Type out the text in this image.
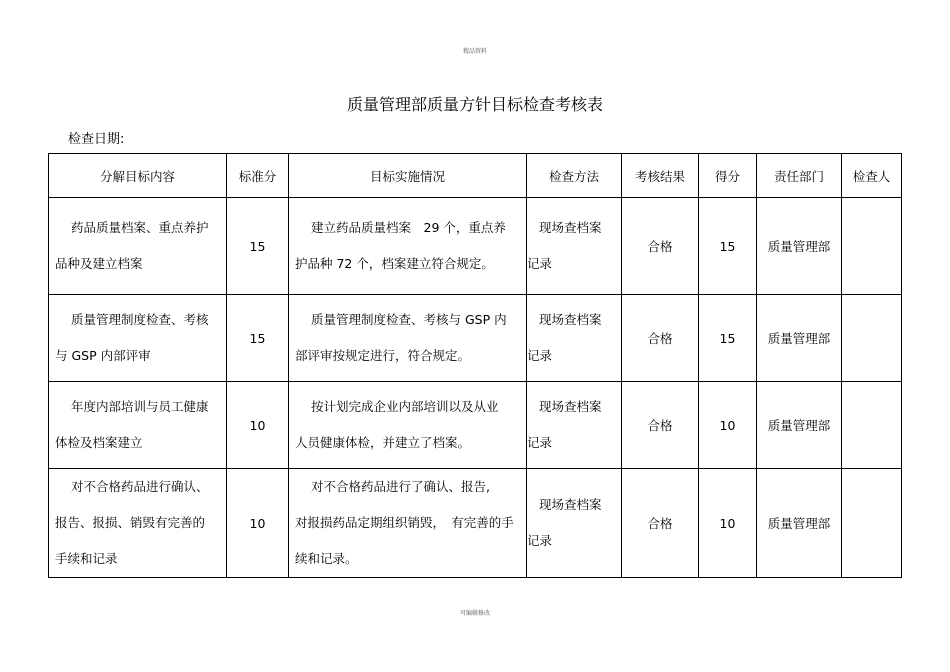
精品资料
质量管理部质量方针目标检查考核表
检查日期:
分解目标内容	标准分	目标实施情况	检查方法	考核结果	得分	责任部门	检查人

药品质量档案、重点养护
品种及建立档案	15	建立药品质量档案　29 个，重点养
护品种 72 个，档案建立符合规定。	现场查档案
记录	合格	15	质量管理部	

质量管理制度检查、考核
与 GSP 内部评审	15	质量管理制度检查、考核与 GSP 内
部评审按规定进行，符合规定。	现场查档案
记录	合格	15	质量管理部	

年度内部培训与员工健康
体检及档案建立	10	按计划完成企业内部培训以及从业
人员健康体检，并建立了档案。	现场查档案
记录	合格	10	质量管理部	

对不合格药品进行确认、
报告、报损、销毁有完善的
手续和记录	10	对不合格药品进行了确认、报告,
对报损药品定期组织销毁，　有完善的手
续和记录。	现场查档案
记录	合格	10	质量管理部	
可编辑修改
